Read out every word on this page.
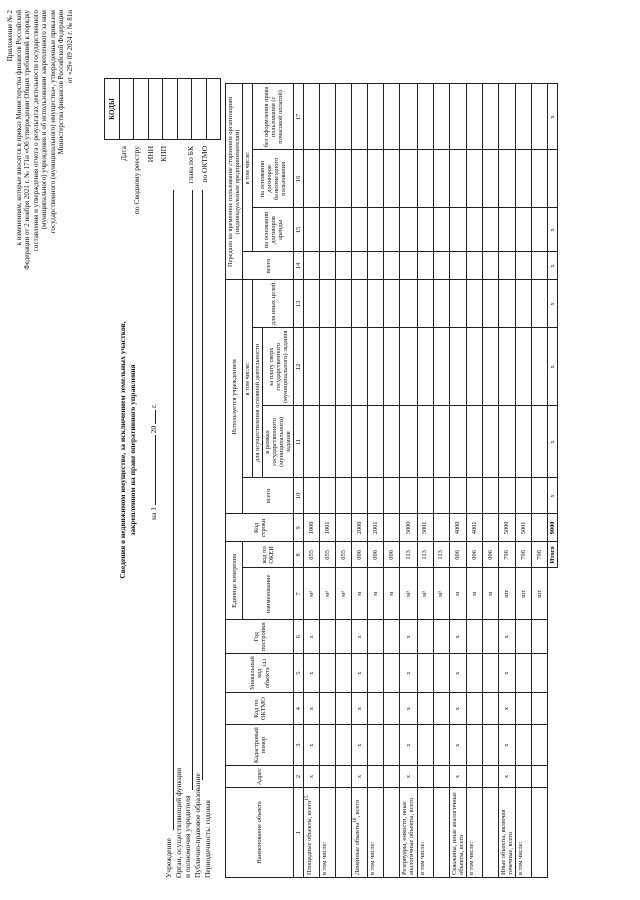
Приложение № 2 к изменениям, которые вносятся в приказ Министерства финансов Российской Федерации от 2 ноября 2021 г. № 171н «Об утверждении Общих требований к порядку составления и утверждения отчета о результатах деятельности государственного (муниципального) учреждения и об использовании закрепленного за ним государственного (муниципального) имущества», утвержденные приказом Министерства финансов Российской Федерации от «29» 09 2024 г. № 81н
КОДЫ

Дата по Сводному реестру ИНН КПП	глава по БК по ОКТМО
Сведения о недвижимом имуществе, за исключением земельных участков, закрепленном на праве оперативного управления на 1  20  г.
Учреждение Орган, осуществляющий функции и полномочия учредителя Публично-правовое образование Периодичность: годовая	Наименование объекта	Адрес	Кадастровый номер	Код по ОКТМО	Уникальный код объекта$^{14.1}$	Год постройки	Единица измерения		Код строки	Используется учреждением				Передано во временное пользование сторонним организациям (индивидуальным предпринимателям)			
						наименование	код по ОКЕИ		всего	в том числе:			всего	в том числе:		
										для осуществления основной деятельности		для иных целей		на основании договоров аренды	на основании договоров безвозмездного пользования	без оформления права пользования (с почасовой оплатой)
										в рамках государственного (муниципального) задания	за плату сверх государственного (муниципального) задания					
1	2	3	4	5	6	7	8	9	10	11	12	13	14	15	16	17
Площадные объекты, всего$^{15}$	x	x	x	x	x	м²	055	1000								
в том числе:						м²	055	1001								
						м²	055									
Линейные объекты$^{16}$, всего	x	x	x	x	x	м	006	2000								
в том числе:						м	006	2001								
						м	006									
Резервуары, емкости, иные аналогичные объекты, всего	x	x	x	x	x	м³	113	3000								
в том числе:						м³	113	3001								
						м³	113									
Скважины, иные аналогичные объекты, всего	x	x	x	x	x	м	006	4000								
в том числе:						м	006	4001								
						м	006									
Иные объекты, включая точечные, всего	x	x	x	x	x	шт	796	5000								
в том числе:						шт	796	5001								
						шт	796									
							Итого	9000	x	x	x	x	x	x		x
